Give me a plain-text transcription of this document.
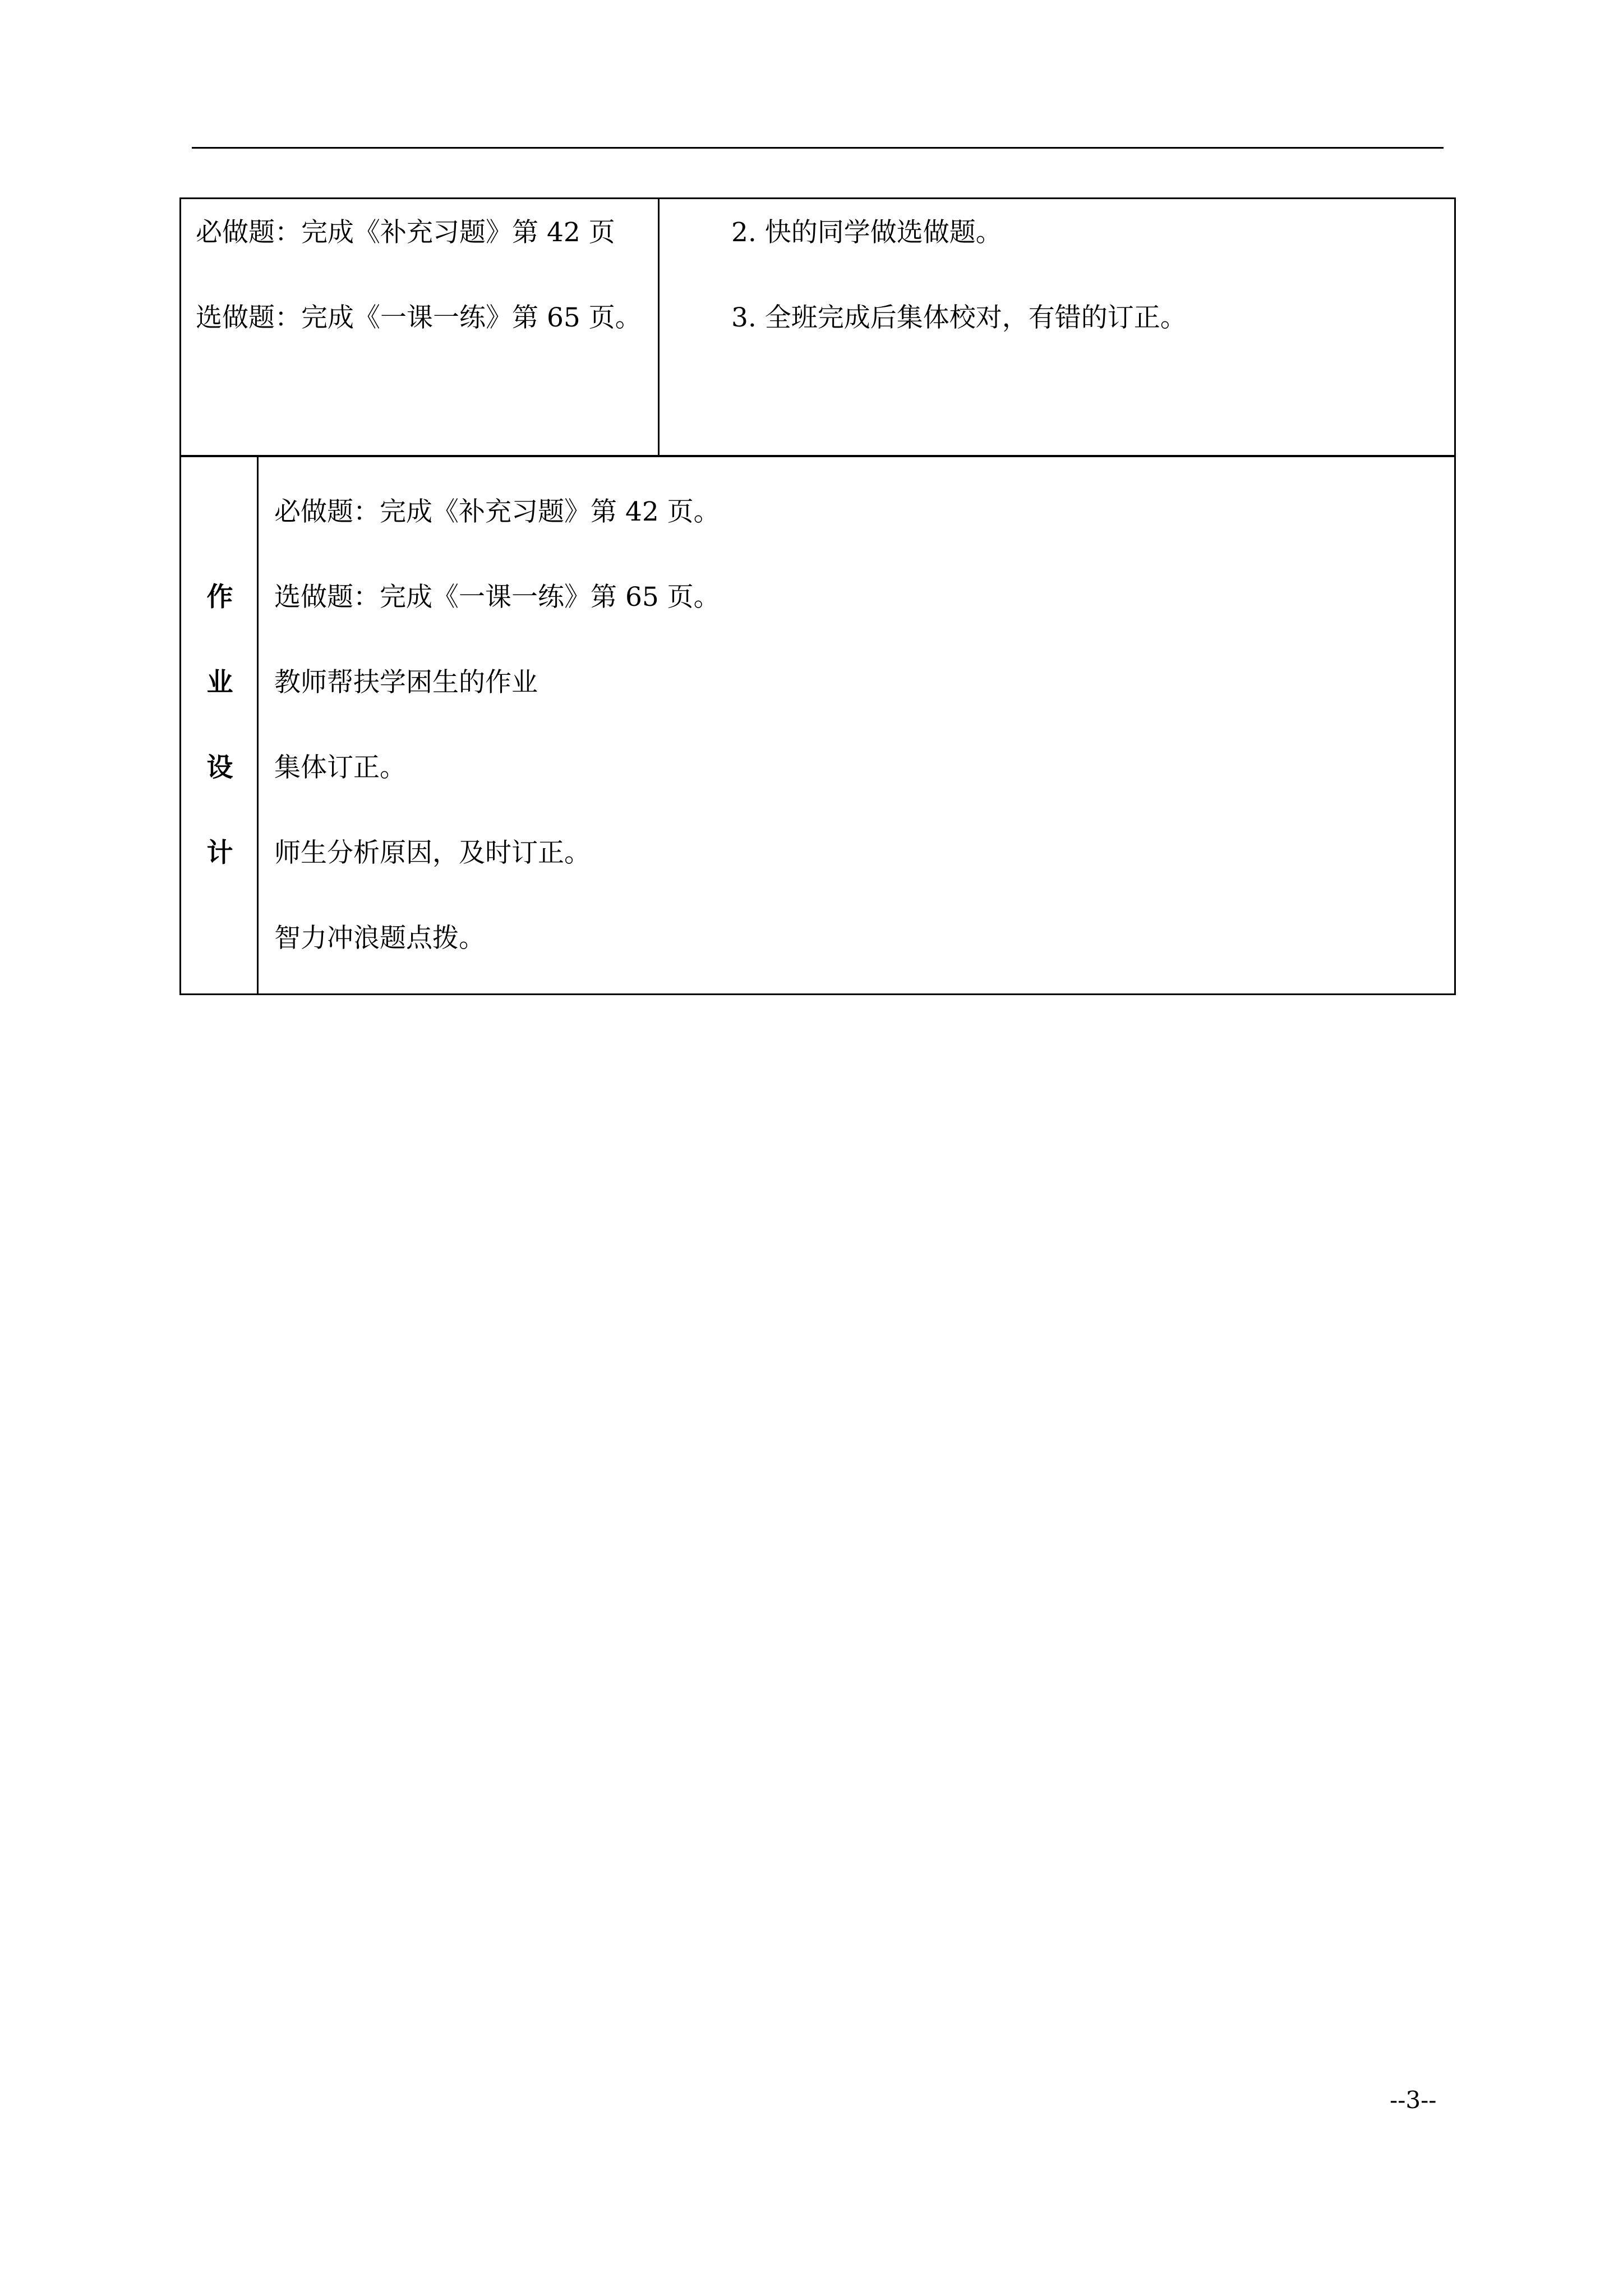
必做题：完成《补充习题》第 42 页
选做题：完成《一课一练》第 65 页。
2. 快的同学做选做题。
3. 全班完成后集体校对，有错的订正。
作
业
设
计
必做题：完成《补充习题》第 42 页。
选做题：完成《一课一练》第 65 页。
教师帮扶学困生的作业
集体订正。
师生分析原因，及时订正。
智力冲浪题点拨。
--3--
